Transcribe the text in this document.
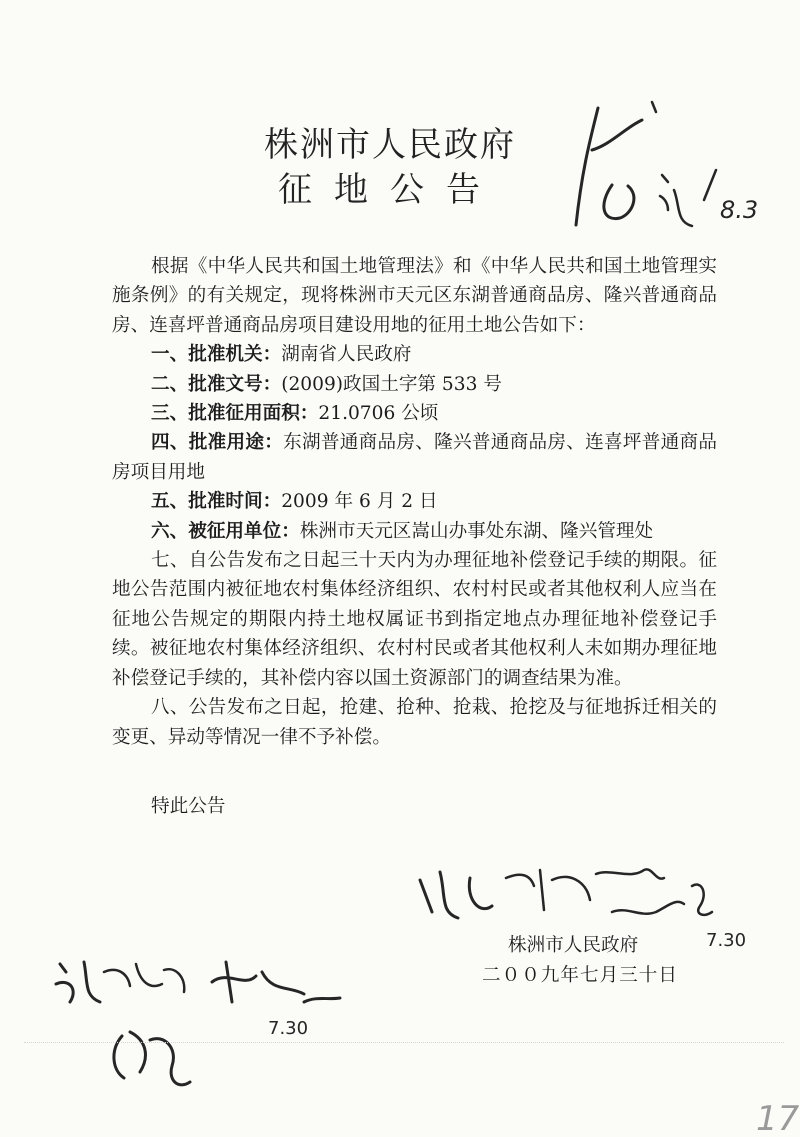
株洲市人民政府
征地公告

根据《中华人民共和国土地管理法》和《中华人民共和国土地管理实施条例》的有关规定，现将株洲市天元区东湖普通商品房、隆兴普通商品房、连喜坪普通商品房项目建设用地的征用土地公告如下：

一、批准机关：湖南省人民政府

二、批准文号：(2009)政国土字第 533 号

三、批准征用面积：21.0706 公顷

四、批准用途：东湖普通商品房、隆兴普通商品房、连喜坪普通商品房项目用地

五、批准时间：2009 年 6 月 2 日

六、被征用单位：株洲市天元区嵩山办事处东湖、隆兴管理处

七、自公告发布之日起三十天内为办理征地补偿登记手续的期限。征地公告范围内被征地农村集体经济组织、农村村民或者其他权利人应当在征地公告规定的期限内持土地权属证书到指定地点办理征地补偿登记手续。被征地农村集体经济组织、农村村民或者其他权利人未如期办理征地补偿登记手续的，其补偿内容以国土资源部门的调查结果为准。

八、公告发布之日起，抢建、抢种、抢栽、抢挖及与征地拆迁相关的变更、异动等情况一律不予补偿。

特此公告

株洲市人民政府
二００九年七月三十日
8.3
7.30
7.30
17
